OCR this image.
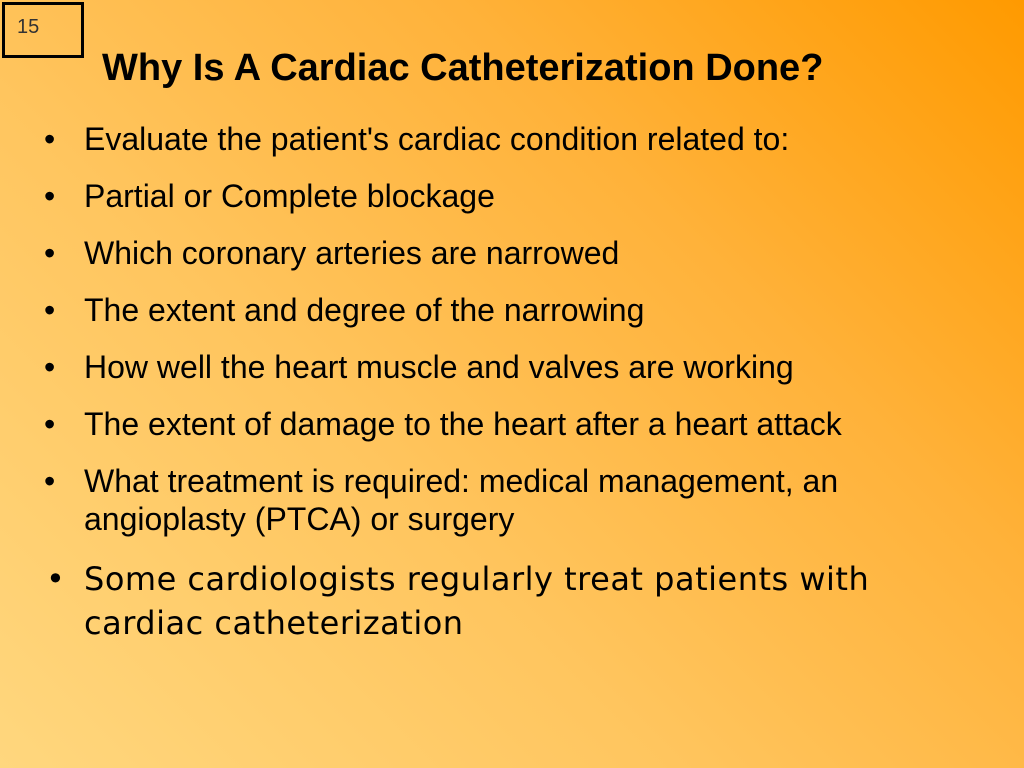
15
Why Is A Cardiac Catheterization Done?
• Evaluate the patient's cardiac condition related to:
• Partial or Complete blockage
• Which coronary arteries are narrowed
• The extent and degree of the narrowing
• How well the heart muscle and valves are working
• The extent of damage to the heart after a heart attack
• What treatment is required: medical management, an angioplasty (PTCA) or surgery
• Some cardiologists regularly treat patients with cardiac catheterization
